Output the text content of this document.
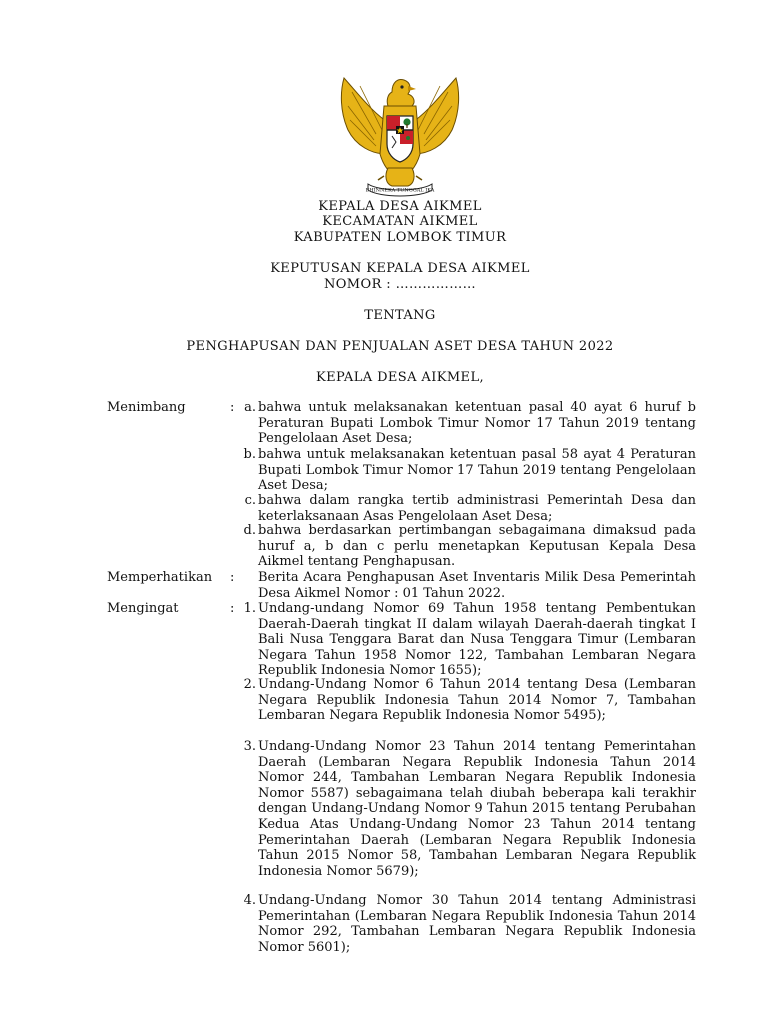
BHINNEKA TUNGGAL IKA
KEPALA DESA AIKMEL
KECAMATAN AIKMEL
KABUPATEN LOMBOK TIMUR
KEPUTUSAN KEPALA DESA AIKMEL
NOMOR : ………………
TENTANG
PENGHAPUSAN DAN PENJUALAN ASET DESA TAHUN 2022
KEPALA DESA AIKMEL,
Menimbang	: a. bahwa untuk melaksanakan ketentuan pasal 40 ayat 6 huruf b Peraturan Bupati Lombok Timur Nomor 17 Tahun 2019 tentang Pengelolaan Aset Desa;
b. bahwa untuk melaksanakan ketentuan pasal 58 ayat 4 Peraturan Bupati Lombok Timur Nomor 17 Tahun 2019 tentang Pengelolaan Aset Desa;
c. bahwa dalam rangka tertib administrasi Pemerintah Desa dan keterlaksanaan Asas Pengelolaan Aset Desa;
d. bahwa berdasarkan pertimbangan sebagaimana dimaksud pada huruf a, b dan c perlu menetapkan Keputusan Kepala Desa Aikmel tentang Penghapusan.
Memperhatikan : Berita Acara Penghapusan Aset Inventaris Milik Desa Pemerintah Desa Aikmel Nomor : 01 Tahun 2022.
Mengingat	: 1. Undang-undang Nomor 69 Tahun 1958 tentang Pembentukan Daerah-Daerah tingkat II dalam wilayah Daerah-daerah tingkat I Bali Nusa Tenggara Barat dan Nusa Tenggara Timur (Lembaran Negara Tahun 1958 Nomor 122, Tambahan Lembaran Negara Republik Indonesia Nomor 1655);
2. Undang-Undang Nomor 6 Tahun 2014 tentang Desa (Lembaran Negara Republik Indonesia Tahun 2014 Nomor 7, Tambahan Lembaran Negara Republik Indonesia Nomor 5495);
3. Undang-Undang Nomor 23 Tahun 2014 tentang Pemerintahan Daerah (Lembaran Negara Republik Indonesia Tahun 2014 Nomor 244, Tambahan Lembaran Negara Republik Indonesia Nomor 5587) sebagaimana telah diubah beberapa kali terakhir dengan Undang-Undang Nomor 9 Tahun 2015 tentang Perubahan Kedua Atas Undang-Undang Nomor 23 Tahun 2014 tentang Pemerintahan Daerah (Lembaran Negara Republik Indonesia Tahun 2015 Nomor 58, Tambahan Lembaran Negara Republik Indonesia Nomor 5679);
4. Undang-Undang Nomor 30 Tahun 2014 tentang Administrasi Pemerintahan (Lembaran Negara Republik Indonesia Tahun 2014 Nomor 292, Tambahan Lembaran Negara Republik Indonesia Nomor 5601);
